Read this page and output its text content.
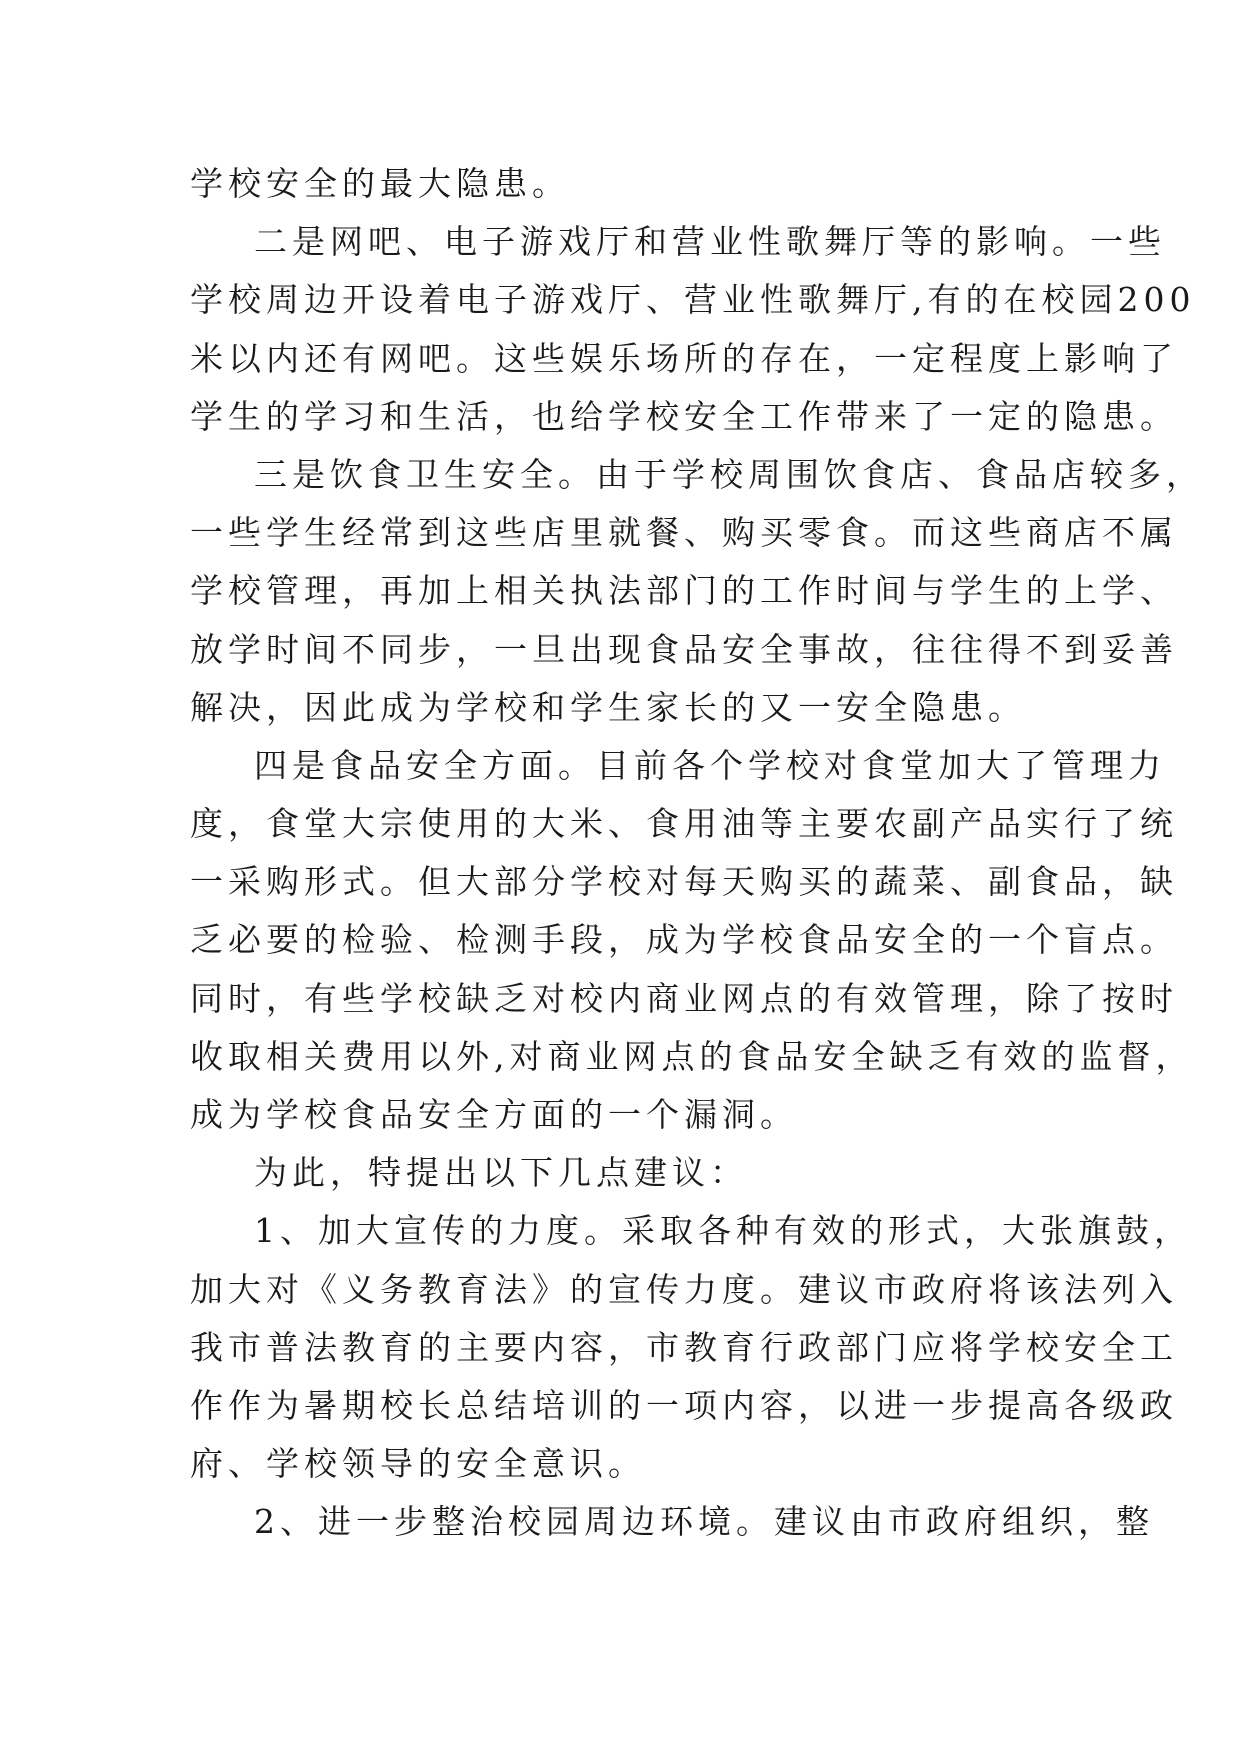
学校安全的最大隐患。
二是网吧、电子游戏厅和营业性歌舞厅等的影响。一些
学校周边开设着电子游戏厅、营业性歌舞厅,有的在校园200
米以内还有网吧。这些娱乐场所的存在，一定程度上影响了
学生的学习和生活，也给学校安全工作带来了一定的隐患。
三是饮食卫生安全。由于学校周围饮食店、食品店较多，
一些学生经常到这些店里就餐、购买零食。而这些商店不属
学校管理，再加上相关执法部门的工作时间与学生的上学、
放学时间不同步，一旦出现食品安全事故，往往得不到妥善
解决，因此成为学校和学生家长的又一安全隐患。
四是食品安全方面。目前各个学校对食堂加大了管理力
度，食堂大宗使用的大米、食用油等主要农副产品实行了统
一采购形式。但大部分学校对每天购买的蔬菜、副食品，缺
乏必要的检验、检测手段，成为学校食品安全的一个盲点。
同时，有些学校缺乏对校内商业网点的有效管理，除了按时
收取相关费用以外,对商业网点的食品安全缺乏有效的监督，
成为学校食品安全方面的一个漏洞。
为此，特提出以下几点建议：
1、加大宣传的力度。采取各种有效的形式，大张旗鼓，
加大对《义务教育法》的宣传力度。建议市政府将该法列入
我市普法教育的主要内容，市教育行政部门应将学校安全工
作作为暑期校长总结培训的一项内容，以进一步提高各级政
府、学校领导的安全意识。
2、进一步整治校园周边环境。建议由市政府组织，整
